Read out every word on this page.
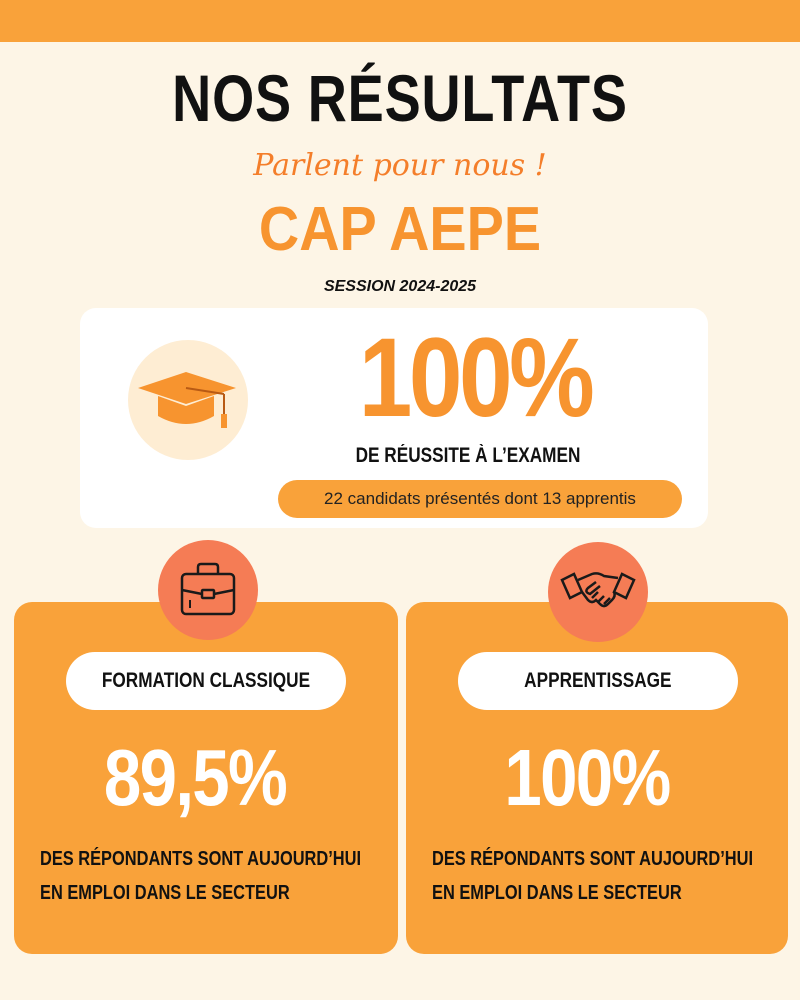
NOS RÉSULTATS
Parlent pour nous !
CAP AEPE
SESSION 2024-2025
100%
DE RÉUSSITE À L’EXAMEN
22 candidats présentés dont 13 apprentis
FORMATION CLASSIQUE
89,5%
DES RÉPONDANTS SONT AUJOURD’HUI
EN EMPLOI DANS LE SECTEUR
APPRENTISSAGE
100%
DES RÉPONDANTS SONT AUJOURD’HUI
EN EMPLOI DANS LE SECTEUR
